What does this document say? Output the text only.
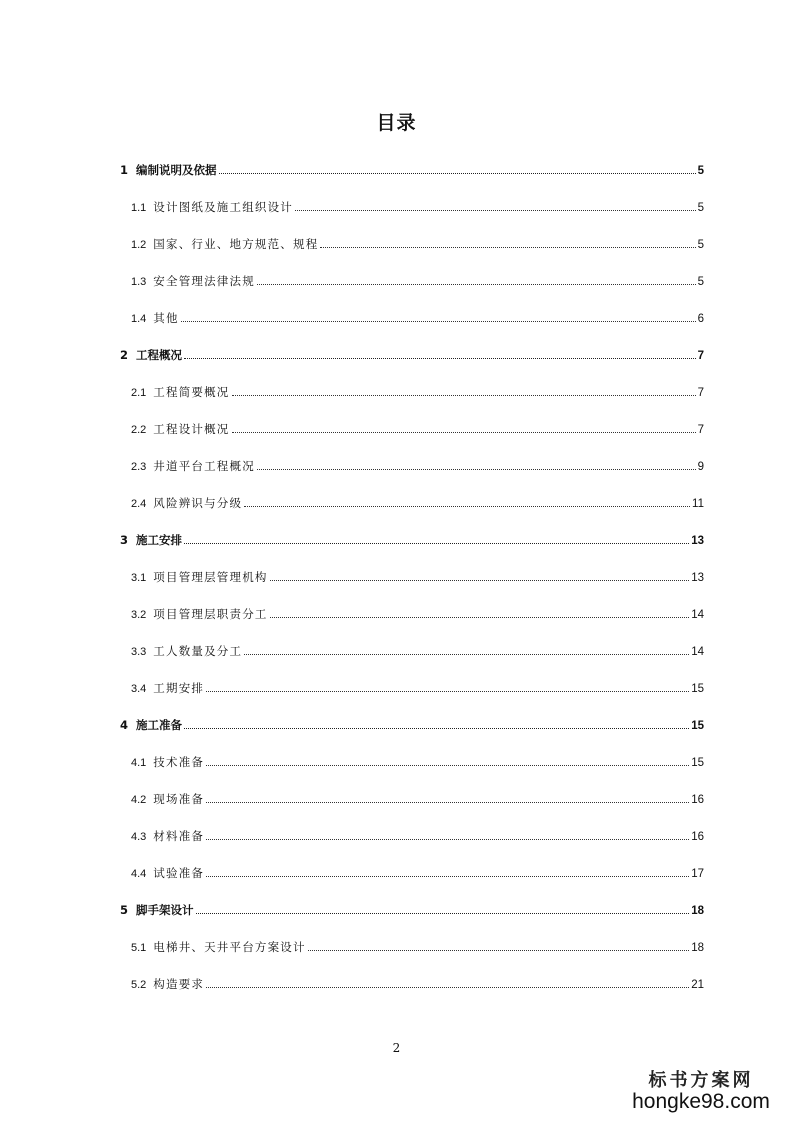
目录
1 编制说明及依据	5
1.1 设计图纸及施工组织设计	5
1.2 国家、行业、地方规范、规程	5
1.3 安全管理法律法规	5
1.4 其他	6
2 工程概况	7
2.1 工程简要概况	7
2.2 工程设计概况	7
2.3 井道平台工程概况	9
2.4 风险辨识与分级	11
3 施工安排	13
3.1 项目管理层管理机构	13
3.2 项目管理层职责分工	14
3.3 工人数量及分工	14
3.4 工期安排	15
4 施工准备	15
4.1 技术准备	15
4.2 现场准备	16
4.3 材料准备	16
4.4 试验准备	17
5 脚手架设计	18
5.1 电梯井、天井平台方案设计	18
5.2 构造要求	21
2
标书方案网
hongke98.com
